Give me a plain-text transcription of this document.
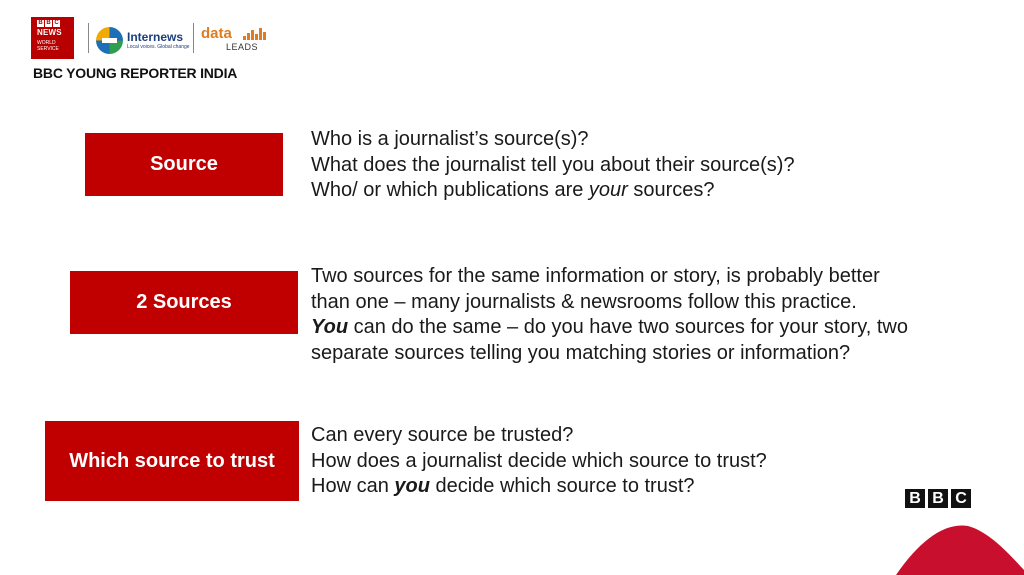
B B C
NEWS
WORLD
SERVICE
Internews
Local voices. Global change
data
LEADS
BBC YOUNG REPORTER INDIA
Source

Who is a journalist’s source(s)?

What does the journalist tell you about their source(s)?

Who/ or which publications are your sources?

2 Sources

Two sources for the same information or story, is probably better

than one – many journalists & newsrooms follow this practice.

You can do the same – do you have two sources for your story, two

separate sources telling you matching stories or information?

Which source to trust

Can every source be trusted?

How does a journalist decide which source to trust?

How can you decide which source to trust?

B B C
